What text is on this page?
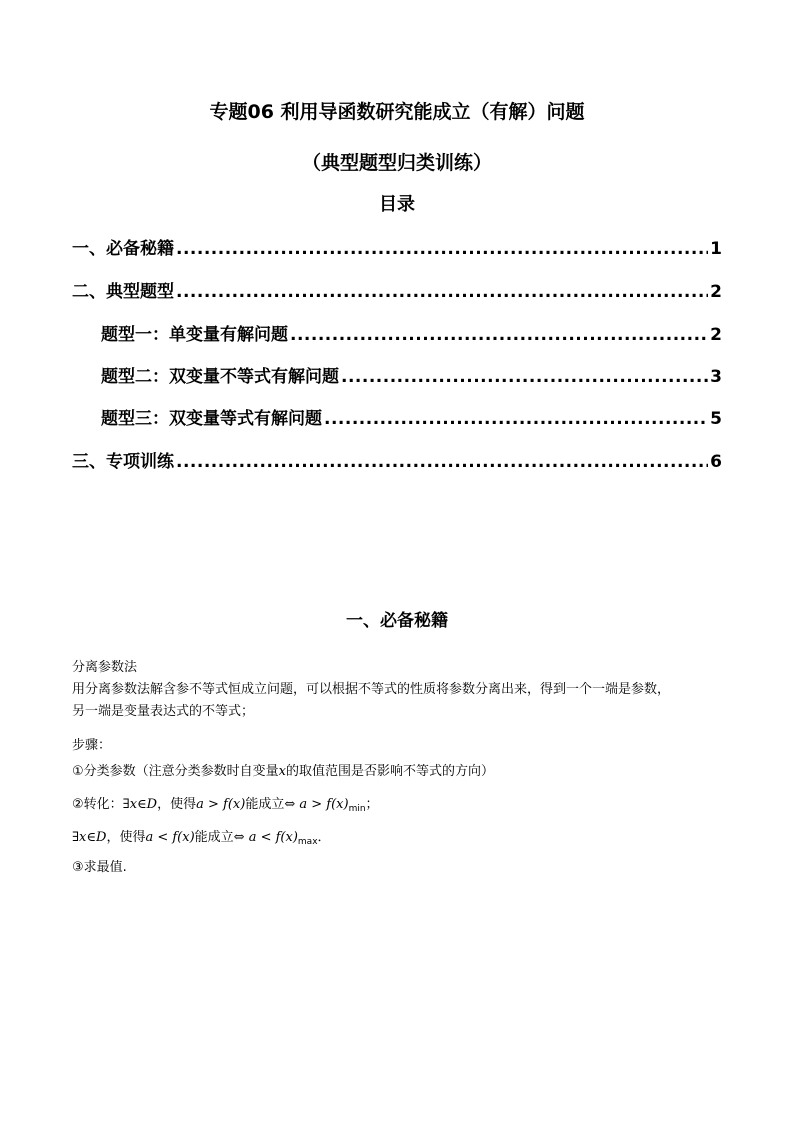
专题06 利用导函数研究能成立（有解）问题
（典型题型归类训练）
目录
一、必备秘籍 .....	1
二、典型题型 .....	2
题型一：单变量有解问题 .....	2
题型二：双变量不等式有解问题 .....	3
题型三：双变量等式有解问题 .....	5
三、专项训练 .....	6
一、必备秘籍
分离参数法
用分离参数法解含参不等式恒成立问题，可以根据不等式的性质将参数分离出来，得到一个一端是参数，
另一端是变量表达式的不等式；
步骤：
①分类参数（注意分类参数时自变量x的取值范围是否影响不等式的方向）
②转化：∃x∈D，使得a > f(x)能成立⇔ $a > f(x)_{min}$；
∃x∈D，使得a < f(x)能成立⇔ $a < f(x)_{max}$．
③求最值.
